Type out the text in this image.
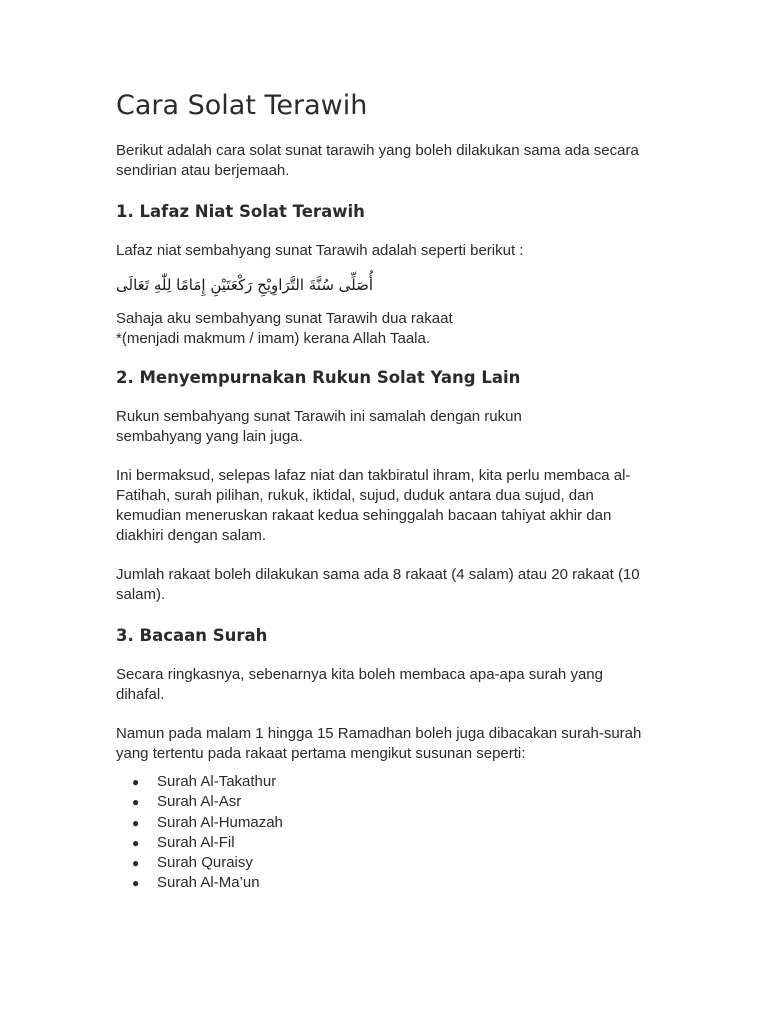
Cara Solat Terawih

Berikut adalah cara solat sunat tarawih yang boleh dilakukan sama ada secara sendirian atau berjemaah.

1. Lafaz Niat Solat Terawih

Lafaz niat sembahyang sunat Tarawih adalah seperti berikut :

أُصَلِّى سُنَّةَ التَّرَاوِيْحِ رَكْعَتَيْنِ إِمَامًا لِلّٰهِ تَعَالَى

Sahaja aku sembahyang sunat Tarawih dua rakaat
*(menjadi makmum / imam) kerana Allah Taala.

2. Menyempurnakan Rukun Solat Yang Lain

Rukun sembahyang sunat Tarawih ini samalah dengan rukun sembahyang yang lain juga.

Ini bermaksud, selepas lafaz niat dan takbiratul ihram, kita perlu membaca al-Fatihah, surah pilihan, rukuk, iktidal, sujud, duduk antara dua sujud, dan kemudian meneruskan rakaat kedua sehinggalah bacaan tahiyat akhir dan diakhiri dengan salam.

Jumlah rakaat boleh dilakukan sama ada 8 rakaat (4 salam) atau 20 rakaat (10 salam).

3. Bacaan Surah

Secara ringkasnya, sebenarnya kita boleh membaca apa-apa surah yang dihafal.

Namun pada malam 1 hingga 15 Ramadhan boleh juga dibacakan surah-surah yang tertentu pada rakaat pertama mengikut susunan seperti:

● Surah Al-Takathur
● Surah Al-Asr
● Surah Al-Humazah
● Surah Al-Fil
● Surah Quraisy
● Surah Al-Ma’un
